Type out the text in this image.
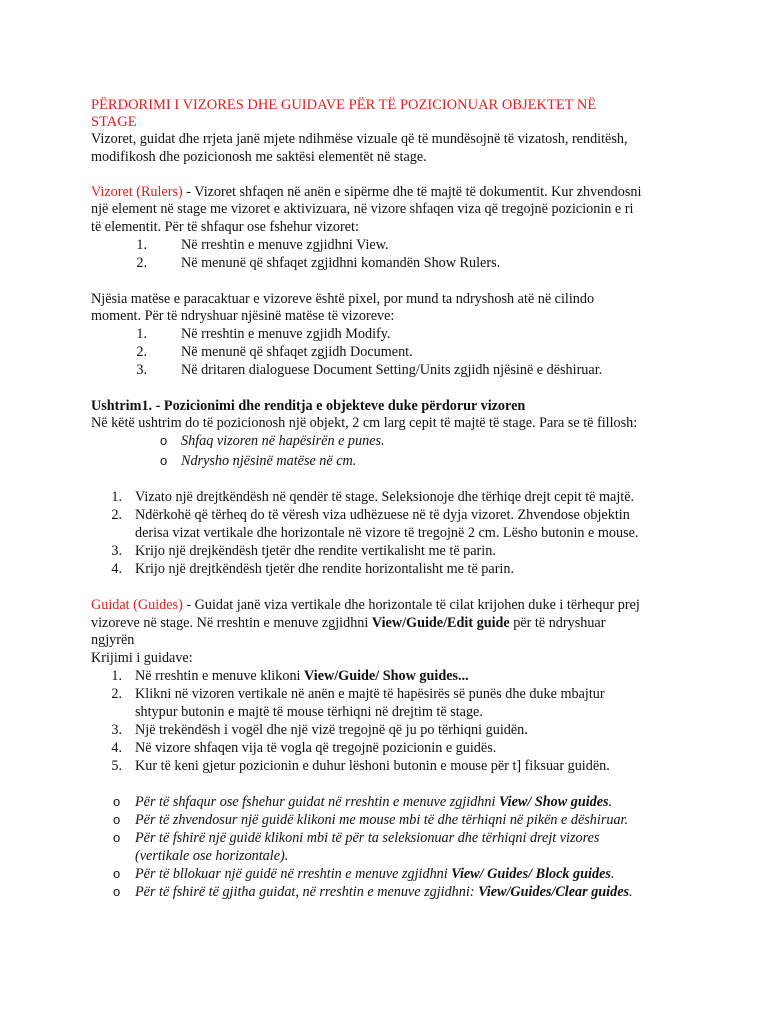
PËRDORIMI I VIZORES DHE GUIDAVE PËR TË POZICIONUAR OBJEKTET NË
STAGE
Vizoret, guidat dhe rrjeta janë mjete ndihmëse vizuale që të mundësojnë të vizatosh, renditësh,
modifikosh dhe pozicionosh me saktësi elementët në stage.
Vizoret (Rulers) - Vizoret shfaqen në anën e sipërme dhe të majtë të dokumentit. Kur zhvendosni
një element në stage me vizoret e aktivizuara, në vizore shfaqen viza që tregojnë pozicionin e ri
të elementit. Për të shfaqur ose fshehur vizoret:
1. Në rreshtin e menuve zgjidhni View.
2. Në menunë që shfaqet zgjidhni komandën Show Rulers.
Njësia matëse e paracaktuar e vizoreve është pixel, por mund ta ndryshosh atë në cilindo
moment. Për të ndryshuar njësinë matëse të vizoreve:
1. Në rreshtin e menuve zgjidh Modify.
2. Në menunë që shfaqet zgjidh Document.
3. Në dritaren dialoguese Document Setting/Units zgjidh njësinë e dëshiruar.
Ushtrim1. - Pozicionimi dhe renditja e objekteve duke përdorur vizoren
Në këtë ushtrim do të pozicionosh një objekt, 2 cm larg cepit të majtë të stage. Para se të fillosh:
o Shfaq vizoren në hapësirën e punes.
o Ndrysho njësinë matëse në cm.
1. Vizato një drejtkëndësh në qendër të stage. Seleksionoje dhe tërhiqe drejt cepit të majtë.
2. Ndërkohë që tërheq do të vëresh viza udhëzuese në të dyja vizoret. Zhvendose objektin
derisa vizat vertikale dhe horizontale në vizore të tregojnë 2 cm. Lësho butonin e mouse.
3. Krijo një drejkëndësh tjetër dhe rendite vertikalisht me të parin.
4. Krijo një drejtkëndësh tjetër dhe rendite horizontalisht me të parin.
Guidat (Guides) - Guidat janë viza vertikale dhe horizontale të cilat krijohen duke i tërhequr prej
vizoreve në stage. Në rreshtin e menuve zgjidhni View/Guide/Edit guide për të ndryshuar
ngjyrën
Krijimi i guidave:
1. Në rreshtin e menuve klikoni View/Guide/ Show guides...
2. Klikni në vizoren vertikale në anën e majtë të hapësirës së punës dhe duke mbajtur
shtypur butonin e majtë të mouse tërhiqni në drejtim të stage.
3. Një trekëndësh i vogël dhe një vizë tregojnë që ju po tërhiqni guidën.
4. Në vizore shfaqen vija të vogla që tregojnë pozicionin e guidës.
5. Kur të keni gjetur pozicionin e duhur lëshoni butonin e mouse për t] fiksuar guidën.
o Për të shfaqur ose fshehur guidat në rreshtin e menuve zgjidhni View/ Show guides.
o Për të zhvendosur një guidë klikoni me mouse mbi të dhe tërhiqni në pikën e dëshiruar.
o Për të fshirë një guidë klikoni mbi të për ta seleksionuar dhe tërhiqni drejt vizores
(vertikale ose horizontale).
o Për të bllokuar një guidë në rreshtin e menuve zgjidhni View/ Guides/ Block guides.
o Për të fshirë të gjitha guidat, në rreshtin e menuve zgjidhni: View/Guides/Clear guides.
